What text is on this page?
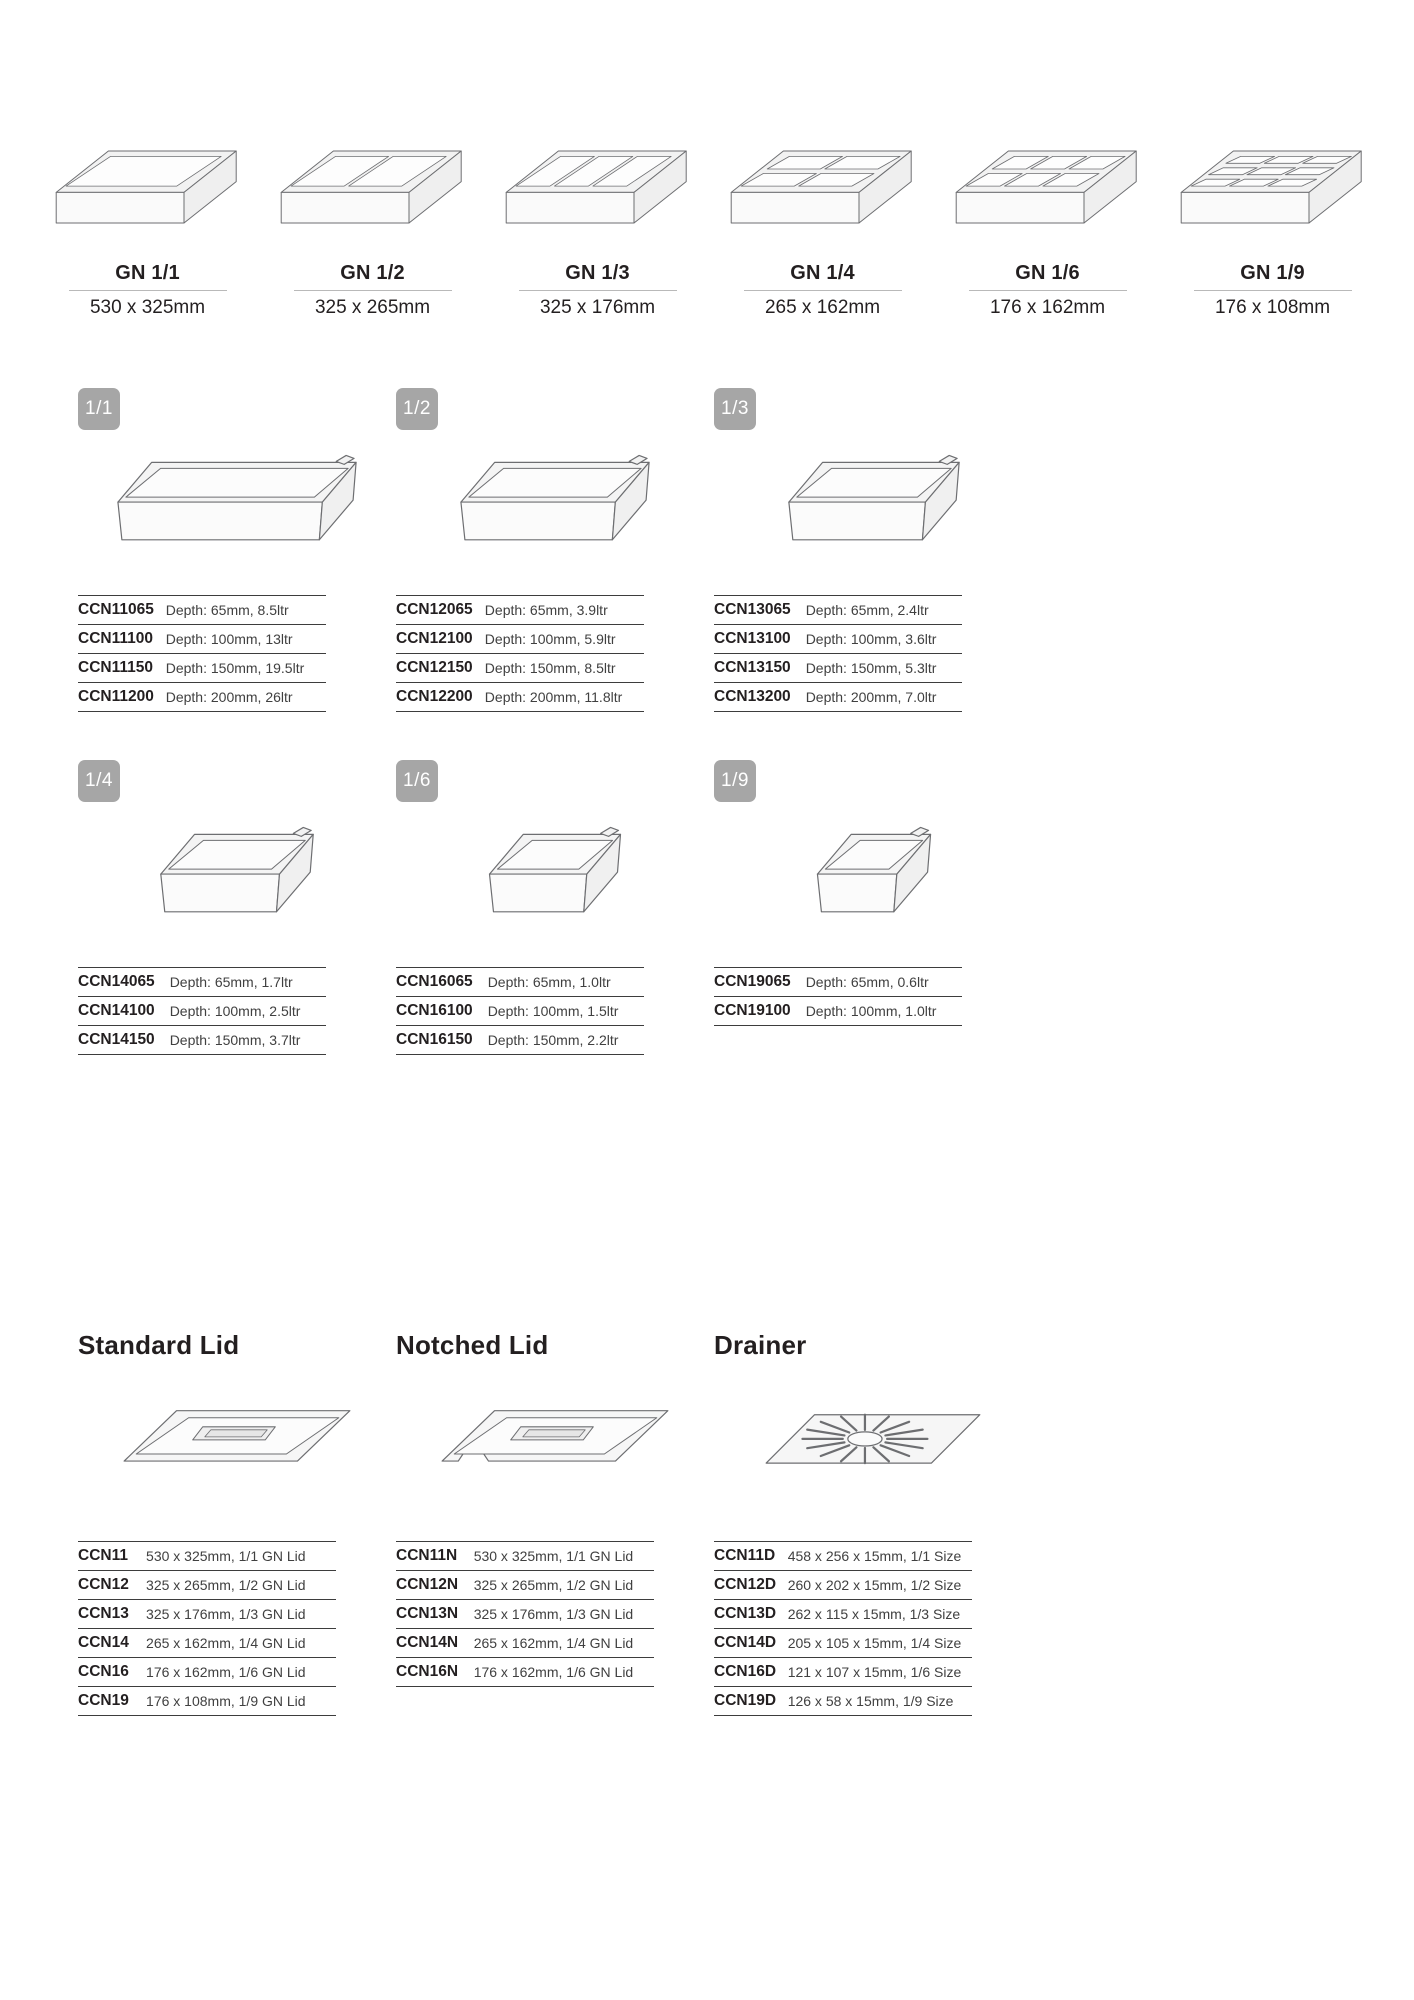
GN 1/1
530 x 325mm
GN 1/2
325 x 265mm
GN 1/3
325 x 176mm
GN 1/4
265 x 162mm
GN 1/6
176 x 162mm
GN 1/9
176 x 108mm
1/1
CCN11065	Depth: 65mm, 8.5ltr
CCN11100	Depth: 100mm, 13ltr
CCN11150	Depth: 150mm, 19.5ltr
CCN11200	Depth: 200mm, 26ltr
1/2
CCN12065	Depth: 65mm, 3.9ltr
CCN12100	Depth: 100mm, 5.9ltr
CCN12150	Depth: 150mm, 8.5ltr
CCN12200	Depth: 200mm, 11.8ltr
1/3
CCN13065	Depth: 65mm, 2.4ltr
CCN13100	Depth: 100mm, 3.6ltr
CCN13150	Depth: 150mm, 5.3ltr
CCN13200	Depth: 200mm, 7.0ltr
1/4
CCN14065	Depth: 65mm, 1.7ltr
CCN14100	Depth: 100mm, 2.5ltr
CCN14150	Depth: 150mm, 3.7ltr
1/6
CCN16065	Depth: 65mm, 1.0ltr
CCN16100	Depth: 100mm, 1.5ltr
CCN16150	Depth: 150mm, 2.2ltr
1/9
CCN19065	Depth: 65mm, 0.6ltr
CCN19100	Depth: 100mm, 1.0ltr
Standard Lid
CCN11	530 x 325mm, 1/1 GN Lid
CCN12	325 x 265mm, 1/2 GN Lid
CCN13	325 x 176mm, 1/3 GN Lid
CCN14	265 x 162mm, 1/4 GN Lid
CCN16	176 x 162mm, 1/6 GN Lid
CCN19	176 x 108mm, 1/9 GN Lid
Notched Lid
CCN11N	530 x 325mm, 1/1 GN Lid
CCN12N	325 x 265mm, 1/2 GN Lid
CCN13N	325 x 176mm, 1/3 GN Lid
CCN14N	265 x 162mm, 1/4 GN Lid
CCN16N	176 x 162mm, 1/6 GN Lid
Drainer
CCN11D	458 x 256 x 15mm, 1/1 Size
CCN12D	260 x 202 x 15mm, 1/2 Size
CCN13D	262 x 115 x 15mm, 1/3 Size
CCN14D	205 x 105 x 15mm, 1/4 Size
CCN16D	121 x 107 x 15mm, 1/6 Size
CCN19D	126 x 58 x 15mm, 1/9 Size
